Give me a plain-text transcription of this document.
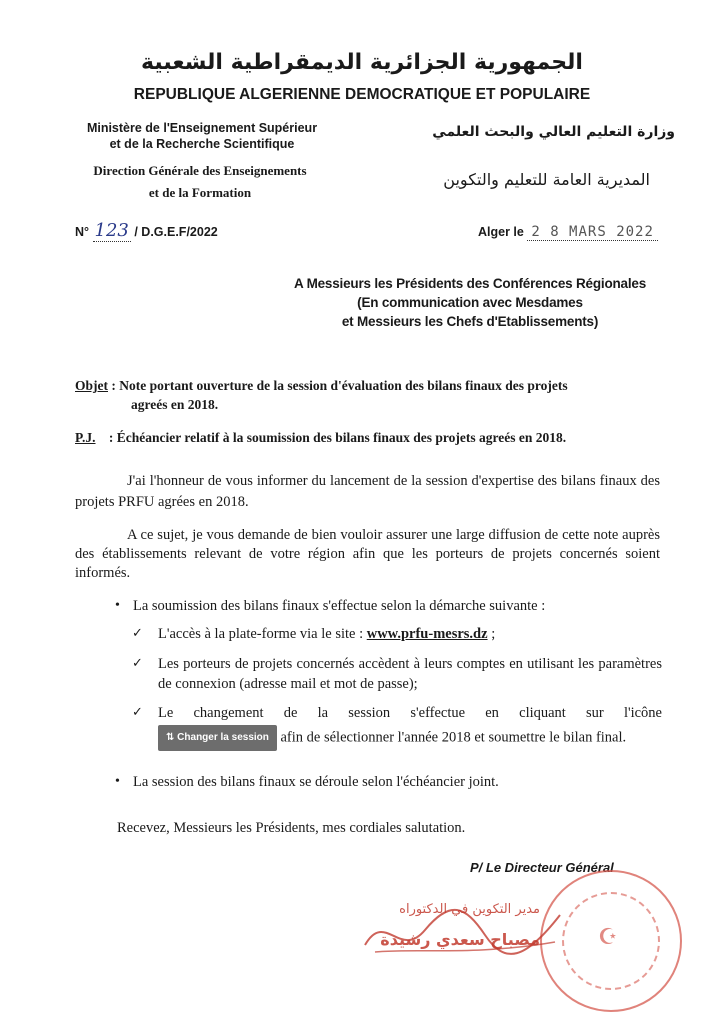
الجمهورية الجزائرية الديمقراطية الشعبية
REPUBLIQUE ALGERIENNE DEMOCRATIQUE ET POPULAIRE
Ministère de l'Enseignement Supérieur
et de la Recherche Scientifique
Direction Générale des Enseignements
et de la Formation
وزارة التعليم العالي والبحث العلمي
المديرية العامة للتعليم والتكوين
N° 123 / D.G.E.F/2022	Alger le 2 8 MARS 2022
A Messieurs les Présidents des Conférences Régionales
(En communication avec Mesdames
et Messieurs les Chefs d'Etablissements)
Objet : Note portant ouverture de la session d'évaluation des bilans finaux des projets
agreés en 2018.
P.J. : Échéancier relatif à la soumission des bilans finaux des projets agreés en 2018.

J'ai l'honneur de vous informer du lancement de la session d'expertise des bilans finaux des projets PRFU agrées en 2018.

A ce sujet, je vous demande de bien vouloir assurer une large diffusion de cette note auprès des établissements relevant de votre région afin que les porteurs de projets concernés soient informés.

• La soumission des bilans finaux s'effectue selon la démarche suivante :
✓ L'accès à la plate-forme via le site : www.prfu-mesrs.dz ;
✓ Les porteurs de projets concernés accèdent à leurs comptes en utilisant les paramètres de connexion (adresse mail et mot de passe);

✓ Le changement de la session s'effectue en cliquant sur l'icône
⇅ Changer la session afin de sélectionner l'année 2018 et soumettre le bilan final.
• La session des bilans finaux se déroule selon l'échéancier joint.
Recevez, Messieurs les Présidents, mes cordiales salutation.
P/ Le Directeur Général
☪
مدير التكوين في الدكتوراه
مصباح سعدي رشيدة
